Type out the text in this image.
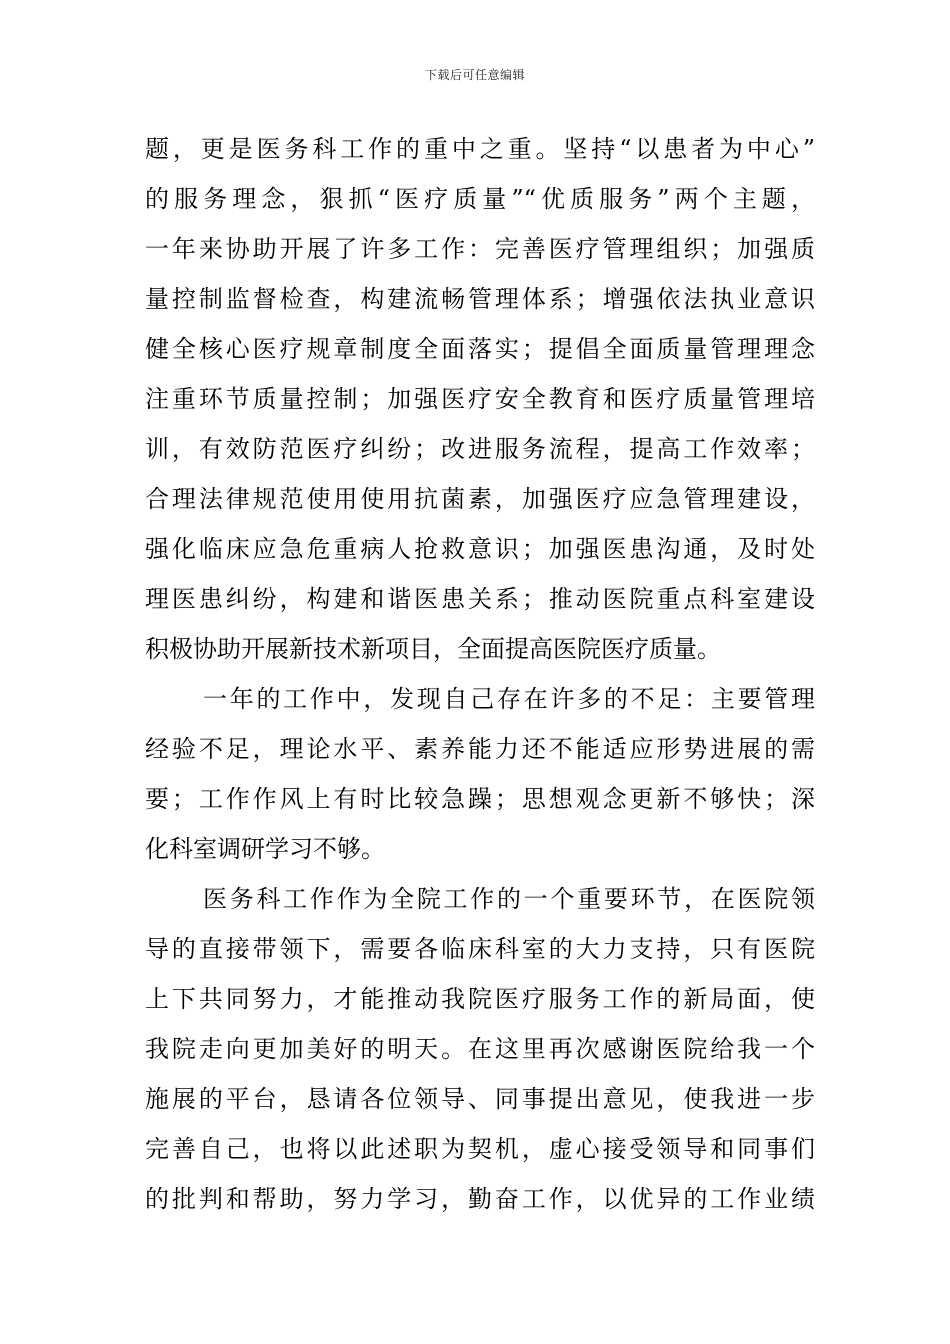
下载后可任意编辑
题，更是医务科工作的重中之重。坚持“以患者为中心”
的服务理念，狠抓“医疗质量”“优质服务”两个主题，
一年来协助开展了许多工作：完善医疗管理组织；加强质
量控制监督检查，构建流畅管理体系；增强依法执业意识
健全核心医疗规章制度全面落实；提倡全面质量管理理念
注重环节质量控制；加强医疗安全教育和医疗质量管理培
训，有效防范医疗纠纷；改进服务流程，提高工作效率；
合理法律规范使用使用抗菌素，加强医疗应急管理建设，
强化临床应急危重病人抢救意识；加强医患沟通，及时处
理医患纠纷，构建和谐医患关系；推动医院重点科室建设
积极协助开展新技术新项目，全面提高医院医疗质量。
一年的工作中，发现自己存在许多的不足：主要管理
经验不足，理论水平、素养能力还不能适应形势进展的需
要；工作作风上有时比较急躁；思想观念更新不够快；深
化科室调研学习不够。
医务科工作作为全院工作的一个重要环节，在医院领
导的直接带领下，需要各临床科室的大力支持，只有医院
上下共同努力，才能推动我院医疗服务工作的新局面，使
我院走向更加美好的明天。在这里再次感谢医院给我一个
施展的平台，恳请各位领导、同事提出意见，使我进一步
完善自己，也将以此述职为契机，虚心接受领导和同事们
的批判和帮助，努力学习，勤奋工作，以优异的工作业绩
